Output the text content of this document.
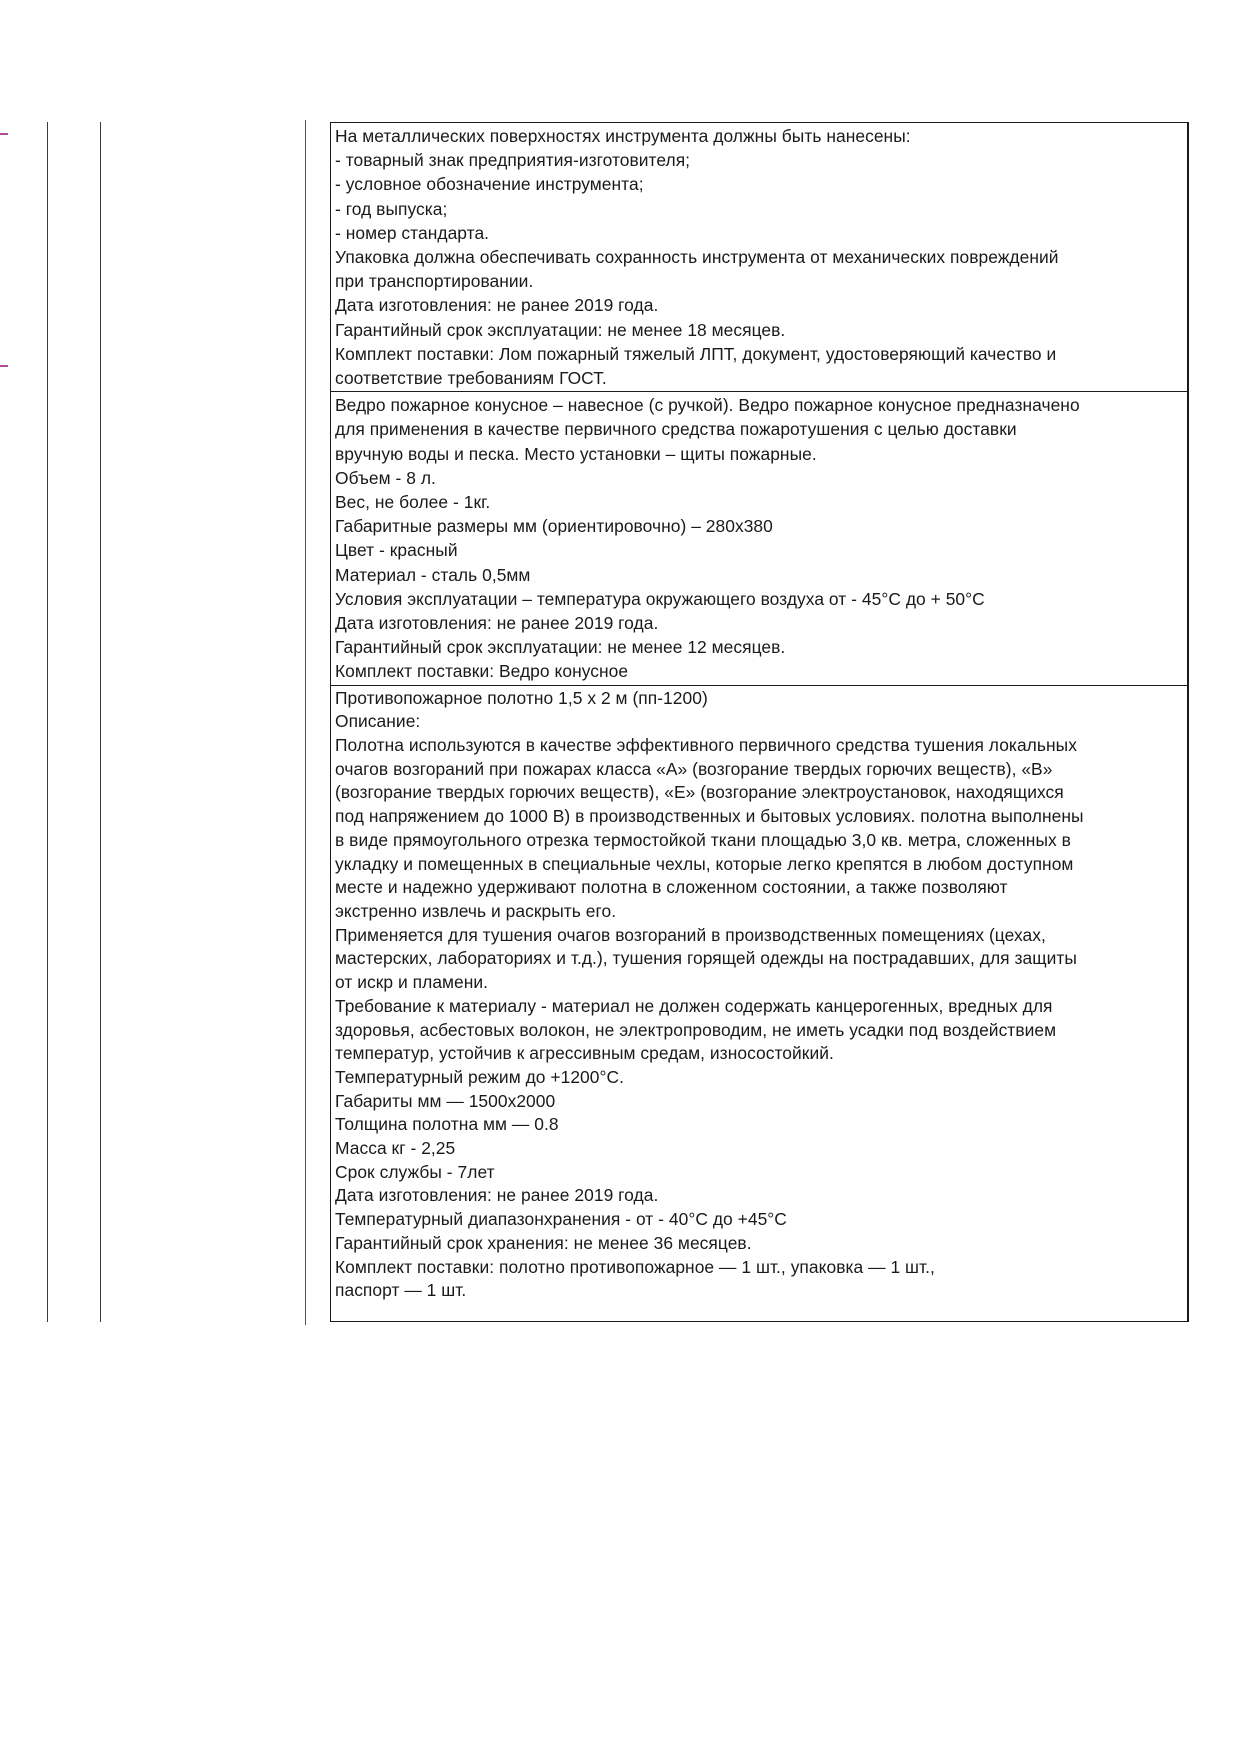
На металлических поверхностях инструмента должны быть нанесены:
- товарный знак предприятия-изготовителя;
- условное обозначение инструмента;
- год выпуска;
- номер стандарта.
Упаковка должна обеспечивать сохранность инструмента от механических повреждений
при транспортировании.
Дата изготовления: не ранее 2019 года.
Гарантийный срок эксплуатации: не менее 18 месяцев.
Комплект поставки: Лом пожарный тяжелый ЛПТ, документ, удостоверяющий качество и
соответствие требованиям ГОСТ.
Ведро пожарное конусное – навесное (с ручкой). Ведро пожарное конусное предназначено
для применения в качестве первичного средства пожаротушения с целью доставки
вручную воды и песка. Место установки – щиты пожарные.
Объем - 8 л.
Вес, не более - 1кг.
Габаритные размеры мм (ориентировочно) – 280х380
Цвет - красный
Материал - сталь 0,5мм
Условия эксплуатации – температура окружающего воздуха от - 45°С до + 50°С
Дата изготовления: не ранее 2019 года.
Гарантийный срок эксплуатации: не менее 12 месяцев.
Комплект поставки: Ведро конусное
Противопожарное полотно 1,5 х 2 м (пп-1200)
Описание:
Полотна используются в качестве эффективного первичного средства тушения локальных
очагов возгораний при пожарах класса «А» (возгорание твердых горючих веществ), «В»
(возгорание твердых горючих веществ), «Е» (возгорание электроустановок, находящихся
под напряжением до 1000 В) в производственных и бытовых условиях. полотна выполнены
в виде прямоугольного отрезка термостойкой ткани площадью 3,0 кв. метра, сложенных в
укладку и помещенных в специальные чехлы, которые легко крепятся в любом доступном
месте и надежно удерживают полотна в сложенном состоянии, а также позволяют
экстренно извлечь и раскрыть его.
Применяется для тушения очагов возгораний в производственных помещениях (цехах,
мастерских, лабораториях и т.д.), тушения горящей одежды на пострадавших, для защиты
от искр и пламени.
Требование к материалу - материал не должен содержать канцерогенных, вредных для
здоровья, асбестовых волокон, не электропроводим, не иметь усадки под воздействием
температур, устойчив к агрессивным средам, износостойкий.
Температурный режим до +1200°С.
Габариты мм — 1500х2000
Толщина полотна мм — 0.8
Масса кг - 2,25
Срок службы - 7лет
Дата изготовления: не ранее 2019 года.
Температурный диапазонхранения - от - 40°С до +45°С
Гарантийный срок хранения: не менее 36 месяцев.
Комплект поставки: полотно противопожарное — 1 шт., упаковка — 1 шт.,
паспорт — 1 шт.
